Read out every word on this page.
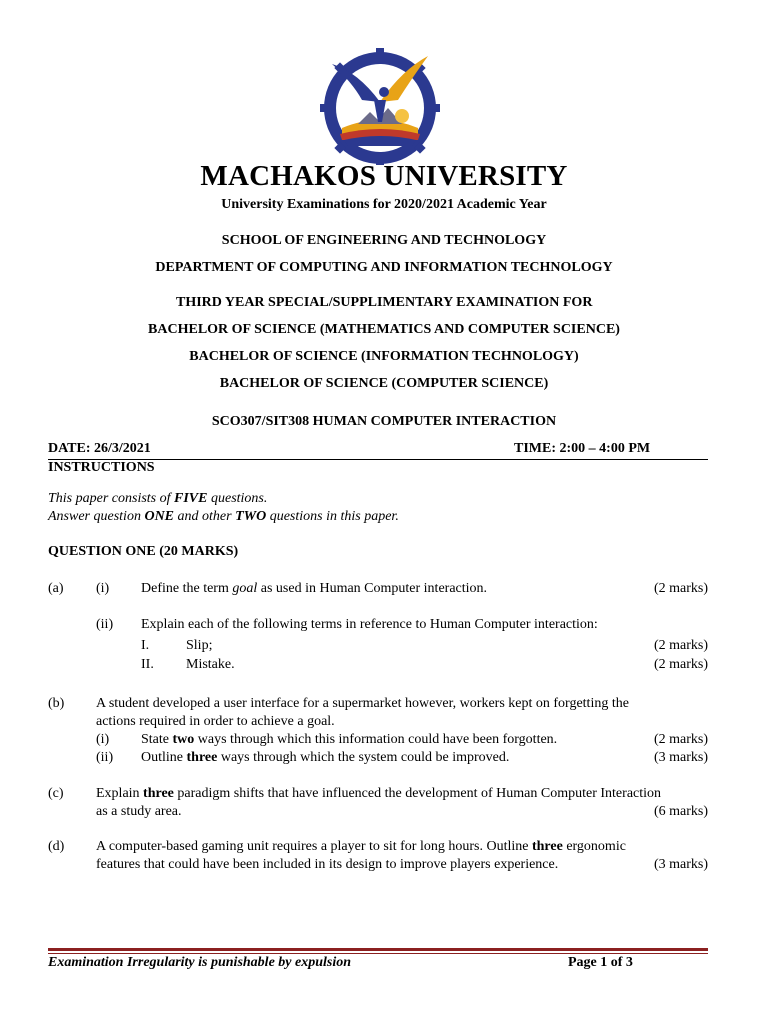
MACHAKOS UNIVERSITY
University Examinations for 2020/2021 Academic Year
SCHOOL OF ENGINEERING AND TECHNOLOGY
DEPARTMENT OF COMPUTING AND INFORMATION TECHNOLOGY
THIRD YEAR SPECIAL/SUPPLIMENTARY EXAMINATION FOR
BACHELOR OF SCIENCE (MATHEMATICS AND COMPUTER SCIENCE)
BACHELOR OF SCIENCE (INFORMATION TECHNOLOGY)
BACHELOR OF SCIENCE (COMPUTER SCIENCE)
SCO307/SIT308 HUMAN COMPUTER INTERACTION
DATE: 26/3/2021	TIME: 2:00 – 4:00 PM
INSTRUCTIONS
This paper consists of FIVE questions.
Answer question ONE and other TWO questions in this paper.
QUESTION ONE (20 MARKS)
(a) (i) Define the term goal as used in Human Computer interaction.	(2 marks)
(ii) Explain each of the following terms in reference to Human Computer interaction:
I.	Slip;	(2 marks)
II. Mistake.	(2 marks)
(b) A student developed a user interface for a supermarket however, workers kept on forgetting the
actions required in order to achieve a goal.
(i) State two ways through which this information could have been forgotten.	(2 marks)
(ii) Outline three ways through which the system could be improved.	(3 marks)
(c) Explain three paradigm shifts that have influenced the development of Human Computer Interaction
as a study area.	(6 marks)
(d) A computer-based gaming unit requires a player to sit for long hours. Outline three ergonomic
features that could have been included in its design to improve players experience.	(3 marks)
Examination Irregularity is punishable by expulsion	Page 1 of 3
